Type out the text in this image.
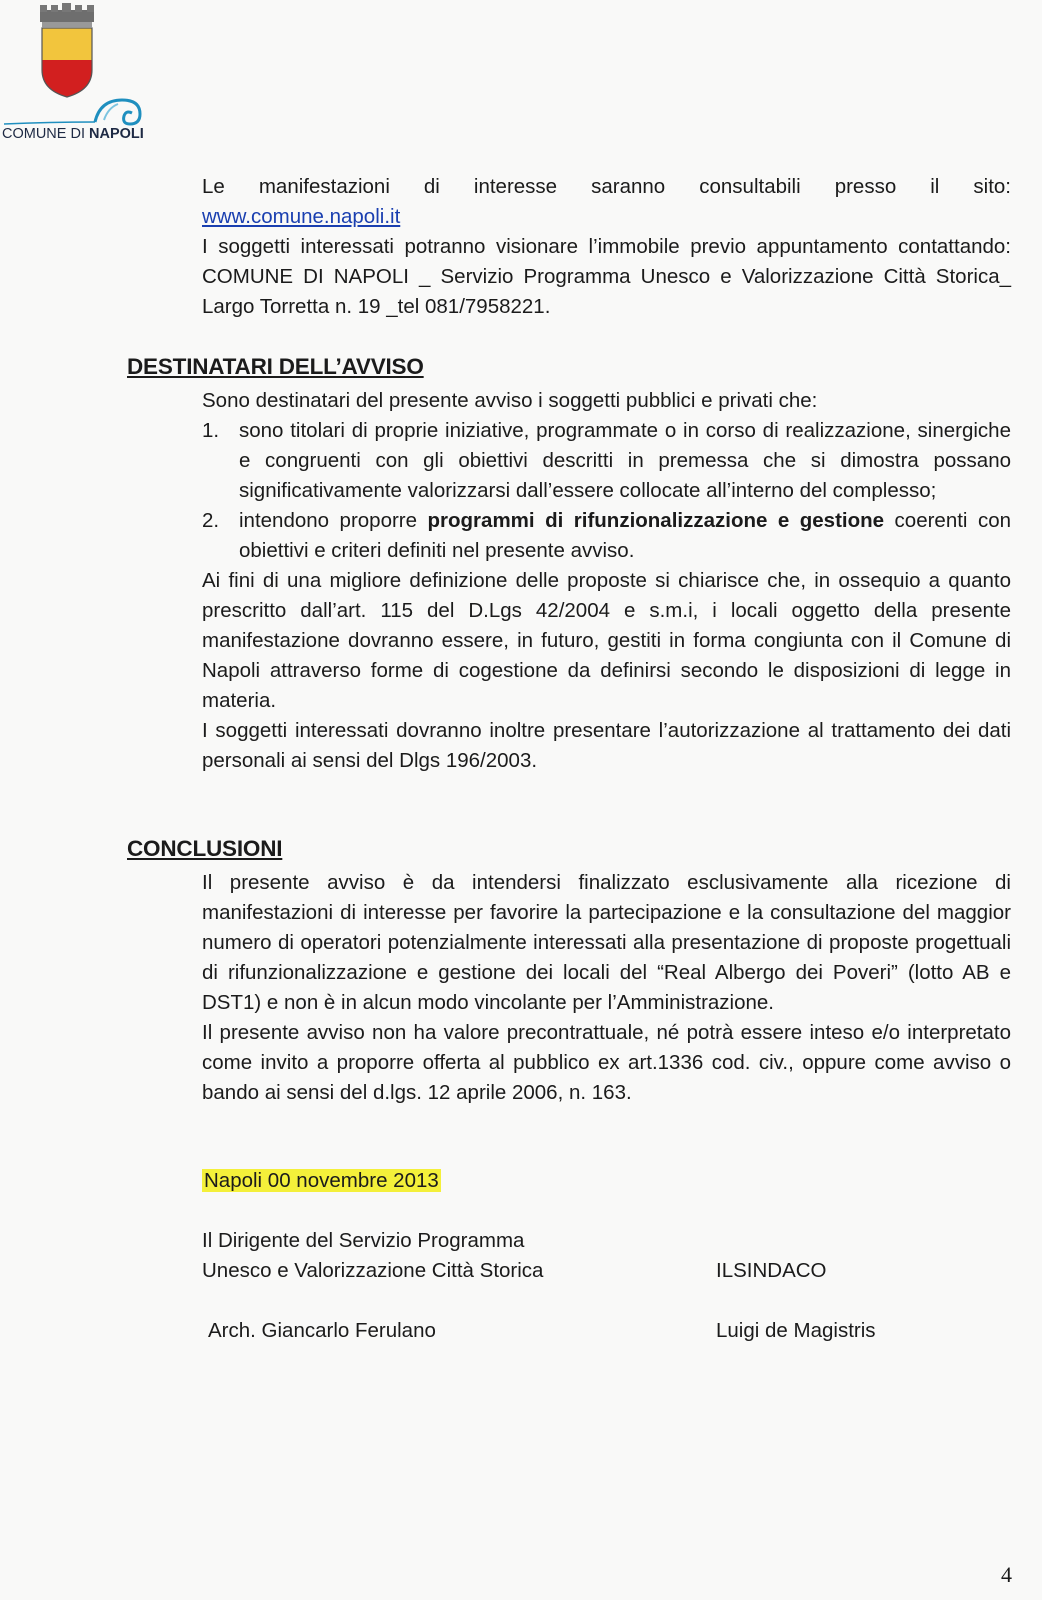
COMUNE DI NAPOLI
Le manifestazioni di interesse saranno consultabili presso il sito:
www.comune.napoli.it
I soggetti interessati potranno visionare l’immobile previo appuntamento contattando: COMUNE DI NAPOLI _ Servizio Programma Unesco e Valorizzazione Città Storica_ Largo Torretta n. 19 _tel 081/7958221.
DESTINATARI DELL’AVVISO
Sono destinatari del presente avviso i soggetti pubblici e privati che:
1. sono titolari di proprie iniziative, programmate o in corso di realizzazione, sinergiche e congruenti con gli obiettivi descritti in premessa che si dimostra possano significativamente valorizzarsi dall’essere collocate all’interno del complesso;
2. intendono proporre programmi di rifunzionalizzazione e gestione coerenti con obiettivi e criteri definiti nel presente avviso.
Ai fini di una migliore definizione delle proposte si chiarisce che, in ossequio a quanto prescritto dall’art. 115 del D.Lgs 42/2004 e s.m.i, i locali oggetto della presente manifestazione dovranno essere, in futuro, gestiti in forma congiunta con il Comune di Napoli attraverso forme di cogestione da definirsi secondo le disposizioni di legge in materia.
I soggetti interessati dovranno inoltre presentare l’autorizzazione al trattamento dei dati personali ai sensi del Dlgs 196/2003.
CONCLUSIONI
Il presente avviso è da intendersi finalizzato esclusivamente alla ricezione di manifestazioni di interesse per favorire la partecipazione e la consultazione del maggior numero di operatori potenzialmente interessati alla presentazione di proposte progettuali di rifunzionalizzazione e gestione dei locali del “Real Albergo dei Poveri” (lotto AB e DST1) e non è in alcun modo vincolante per l’Amministrazione.
Il presente avviso non ha valore precontrattuale, né potrà essere inteso e/o interpretato come invito a proporre offerta al pubblico ex art.1336 cod. civ., oppure come avviso o bando ai sensi del d.lgs. 12 aprile 2006, n. 163.
Napoli 00 novembre 2013
Il Dirigente del Servizio Programma
Unesco e Valorizzazione Città Storica
Arch. Giancarlo Ferulano
ILSINDACO
Luigi de Magistris
4
